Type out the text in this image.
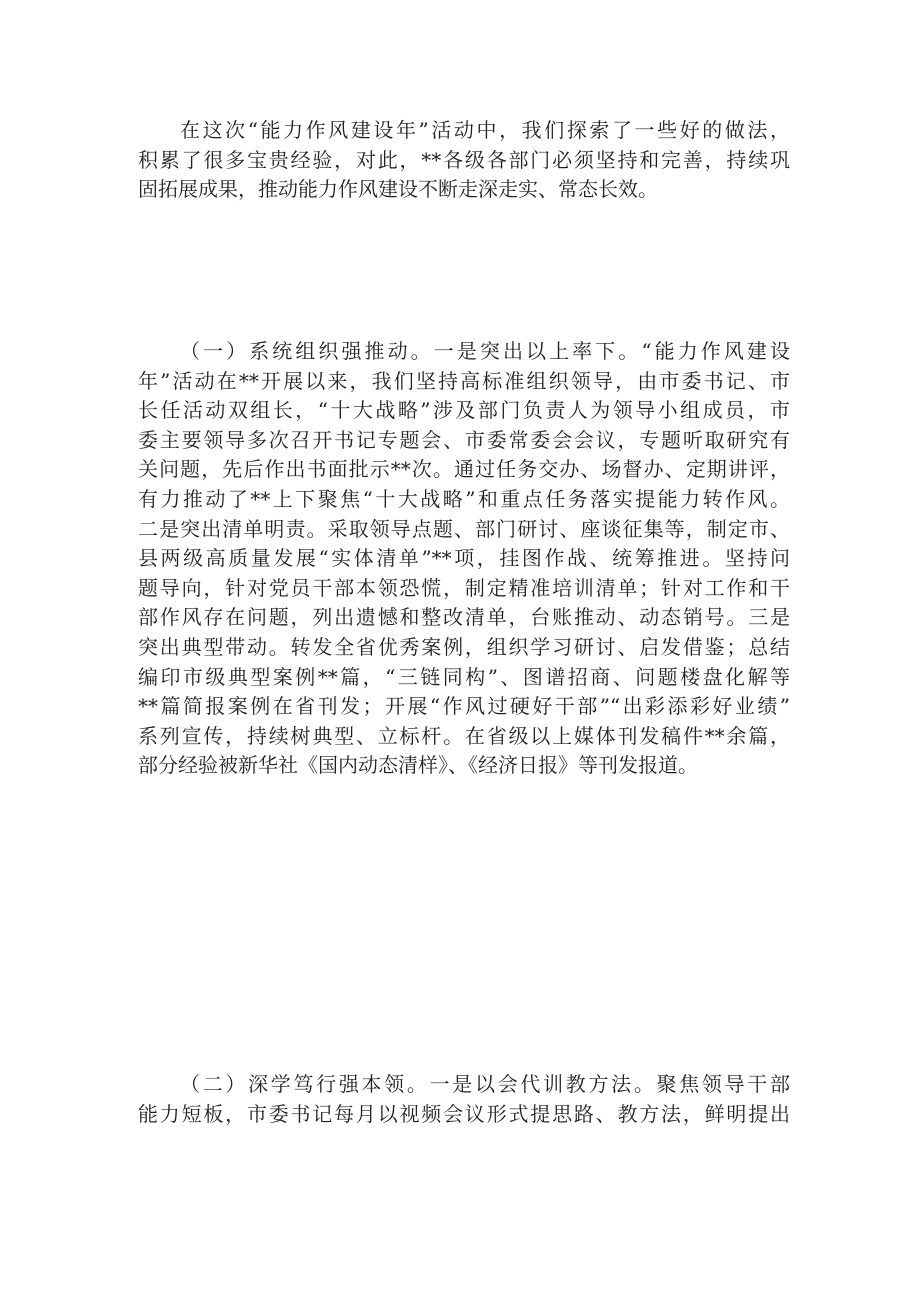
在这次“能力作风建设年”活动中，我们探索了一些好的做法，
积累了很多宝贵经验，对此，**各级各部门必须坚持和完善，持续巩
固拓展成果，推动能力作风建设不断走深走实、常态长效。
（一）系统组织强推动。一是突出以上率下。“能力作风建设
年”活动在**开展以来，我们坚持高标准组织领导，由市委书记、市
长任活动双组长，“十大战略”涉及部门负责人为领导小组成员，市
委主要领导多次召开书记专题会、市委常委会会议，专题听取研究有
关问题，先后作出书面批示**次。通过任务交办、场督办、定期讲评，
有力推动了**上下聚焦“十大战略”和重点任务落实提能力转作风。
二是突出清单明责。采取领导点题、部门研讨、座谈征集等，制定市、
县两级高质量发展“实体清单”**项，挂图作战、统筹推进。坚持问
题导向，针对党员干部本领恐慌，制定精准培训清单；针对工作和干
部作风存在问题，列出遗憾和整改清单，台账推动、动态销号。三是
突出典型带动。转发全省优秀案例，组织学习研讨、启发借鉴；总结
编印市级典型案例**篇，“三链同构”、图谱招商、问题楼盘化解等
**篇简报案例在省刊发；开展“作风过硬好干部”“出彩添彩好业绩”
系列宣传，持续树典型、立标杆。在省级以上媒体刊发稿件**余篇，
部分经验被新华社《国内动态清样》、《经济日报》等刊发报道。
（二）深学笃行强本领。一是以会代训教方法。聚焦领导干部
能力短板，市委书记每月以视频会议形式提思路、教方法，鲜明提出
